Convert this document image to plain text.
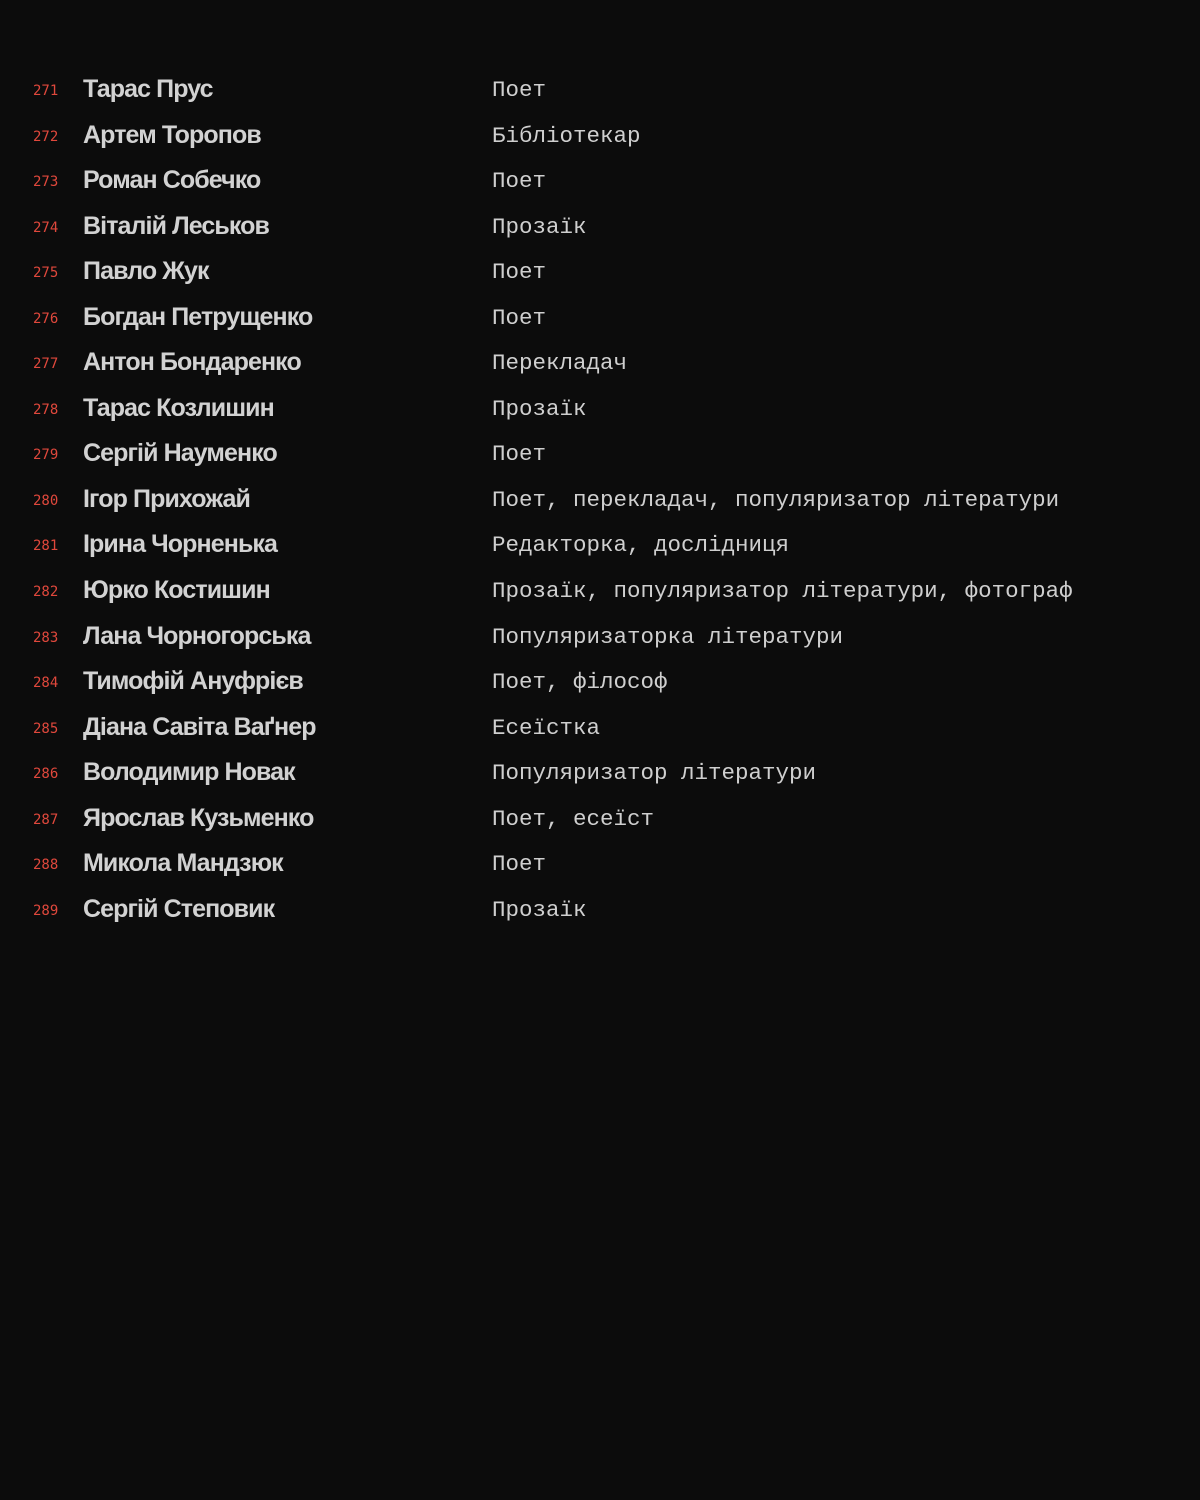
271 Тарас Прус	Поет
272 Артем Торопов	Бібліотекар
273 Роман Собечко	Поет
274 Віталій Леськов	Прозаїк
275 Павло Жук	Поет
276 Богдан Петрущенко	Поет
277 Антон Бондаренко	Перекладач
278 Тарас Козлишин	Прозаїк
279 Сергій Науменко	Поет
280 Ігор Прихожай	Поет, перекладач, популяризатор літератури
281 Ірина Чорненька	Редакторка, дослідниця
282 Юрко Костишин	Прозаїк, популяризатор літератури, фотограф
283 Лана Чорногорська	Популяризаторка літератури
284 Тимофій Ануфрієв	Поет, філософ
285 Діана Савіта Ваґнер	Есеїстка
286 Володимир Новак	Популяризатор літератури
287 Ярослав Кузьменко	Поет, есеїст
288 Микола Мандзюк	Поет
289 Сергій Степовик	Прозаїк
